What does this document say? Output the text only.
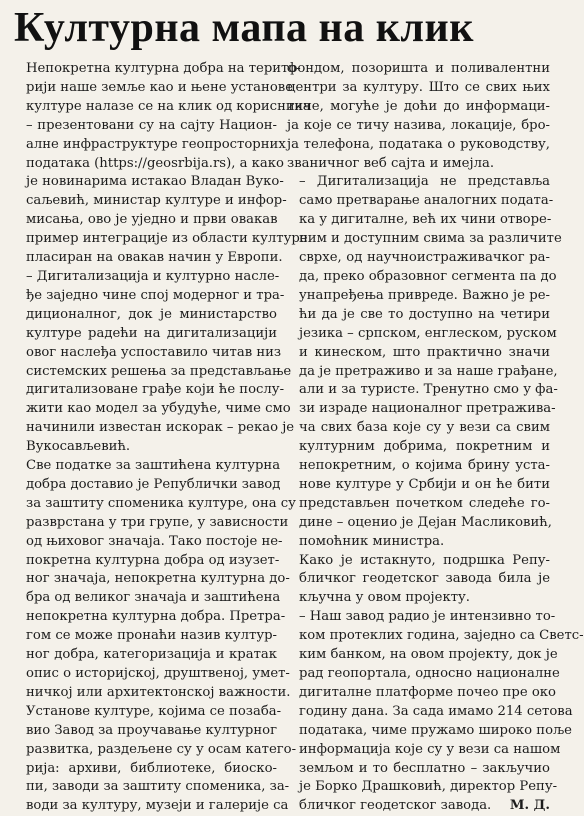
Културна мапа на клик

Непокретна културна добра на терито-
рији наше земље као и њене установе
културе налазе се на клик од корисника
– презентовани су на сајту Национ-
алне инфраструктуре геопросторних
података (https://geosrbija.rs), а како
је новинарима истакао Владан Вуко-
саљевић, министар културе и инфор-
мисања, ово је уједно и први овакав
пример интеграције из области културе
пласиран на овакав начин у Европи.

– Дигитализација и културно насле-
ђе заједно чине спој модерног и тра-
диционалног, док је министарство
културе радећи на дигитализацији
овог наслеђа успоставило читав низ
системских решења за представљање
дигитализоване грађе који ће послу-
жити као модел за убудуће, чиме смо
начинили известан искорак – рекао је
Вукосављевић.

Све податке за заштићена културна
добра доставио је Републички завод
за заштиту споменика културе, она су
разврстана у три групе, у зависности
од њиховог значаја. Тако постоје не-
покретна културна добра од изузет-
ног значаја, непокретна културна до-
бра од великог значаја и заштићена
непокретна културна добра. Претра-
гом се може пронаћи назив култур-
ног добра, категоризација и кратак
опис о историјској, друштвеној, умет-
ничкој или архитектонској важности.
Установе културе, којима се позаба-
вио Завод за проучавање културног
развитка, раздељене су у осам катего-
рија: архиви, библиотеке, биоско-
пи, заводи за заштиту споменика, за-
води за културу, музеји и галерије са

фондом, позоришта и поливалентни
центри за културу. Што се свих њих
тиче, могуће је доћи до информаци-
ја које се тичу назива, локације, бро-
ја телефона, података о руководству,
званичног веб сајта и имејла.

– Дигитализација не представља
само претварање аналогних подата-
ка у дигиталне, већ их чини отворе-
ним и доступним свима за различите
сврхе, од научноистраживачког ра-
да, преко образовног сегмента па до
унапређења привреде. Важно је ре-
ћи да је све то доступно на четири
језика – српском, енглеском, руском
и кинеском, што практично значи
да је претраживо и за наше грађане,
али и за туристе. Тренутно смо у фа-
зи израде националног претражива-
ча свих база које су у вези са свим
културним добрима, покретним и
непокретним, о којима брину уста-
нове културе у Србији и он ће бити
представљен почетком следеће го-
дине – оценио је Дејан Масликовић,
помоћник министра.

Како је истакнуто, подршка Репу-
бличког геодетског завода била је
кључна у овом пројекту.

– Наш завод радио је интензивно то-
ком протеклих година, заједно са Светс-
ким банком, на овом пројекту, док је
рад геопортала, односно националне
дигиталне платформе почео пре око
годину дана. За сада имамо 214 сетова
података, чиме пружамо широко поље
информација које су у вези са нашом
земљом и то бесплатно – закључио
је Борко Драшковић, директор Репу-
бличког геодетског завода.	М. Д.
